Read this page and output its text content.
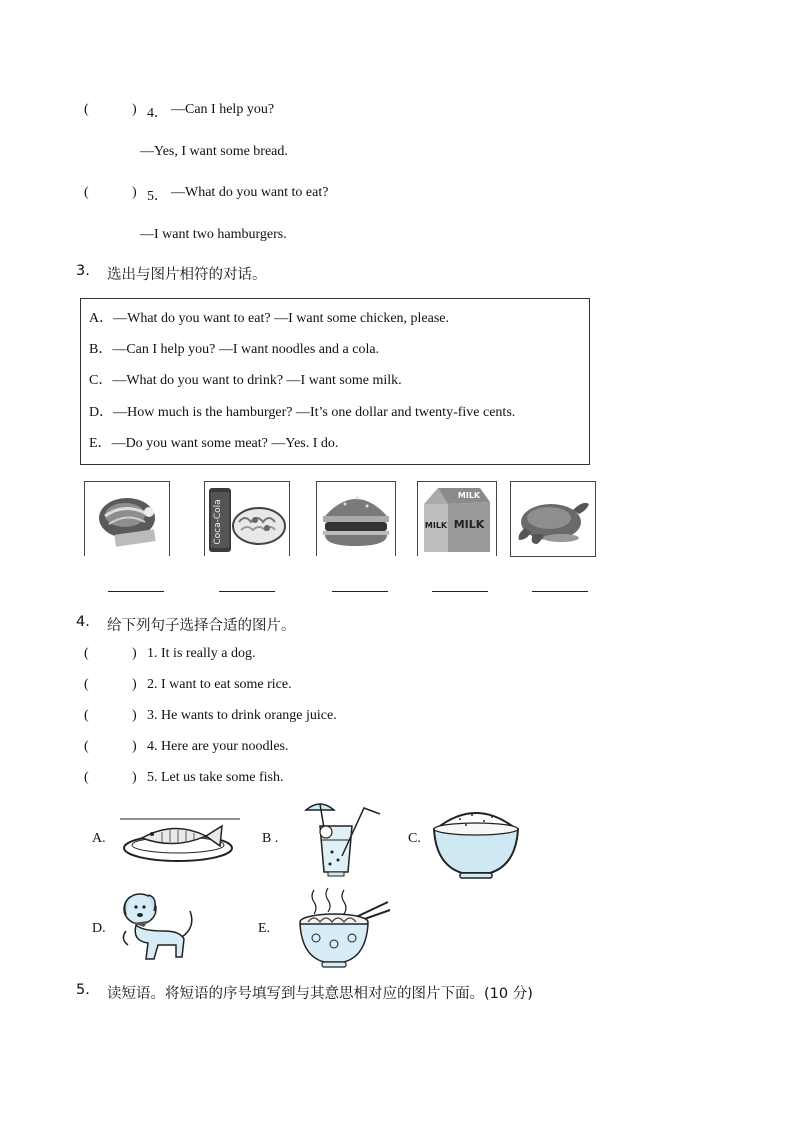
(	) 4． —Can I help you?
—Yes, I want some bread.
(	) 5． —What do you want to eat?
—I want two hamburgers.
3. 选出与图片相符的对话。
A．—What do you want to eat? —I want some chicken, please.
B．—Can I help you? —I want noodles and a cola.
C．—What do you want to drink? —I want some milk.
D．—How much is the hamburger? —It’s one dollar and twenty-five cents.
E．—Do you want some meat? —Yes. I do.
Coca-Cola	MILK MILK
MILK
4. 给下列句子选择合适的图片。
(	) 1. It is really a dog.
(	) 2. I want to eat some rice.
(	) 3. He wants to drink orange juice.
(	) 4. Here are your noodles.
(	) 5. Let us take some fish.
A.	B .	C.
D.	E.
5. 读短语。将短语的序号填写到与其意思相对应的图片下面。(10 分)
